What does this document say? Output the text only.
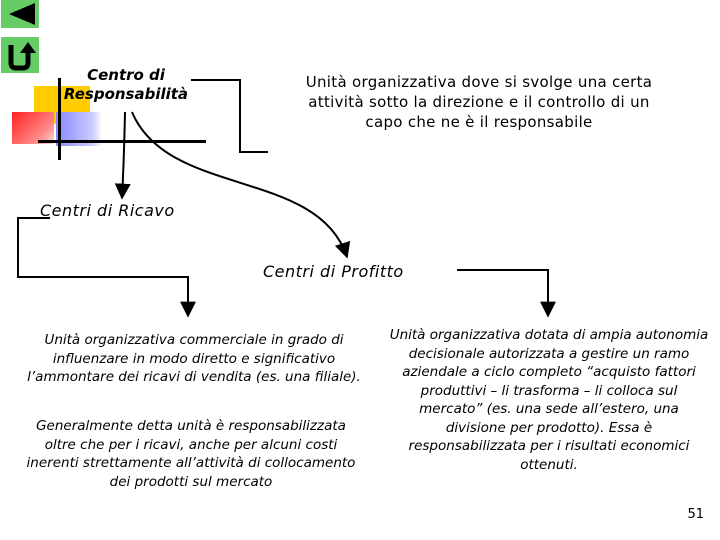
Centro di Responsabilità
Unità organizzativa dove si svolge una certa attività sotto la direzione e il controllo di un capo che ne è il responsabile
Centri di Ricavo
Centri di Profitto
Unità organizzativa commerciale in grado di influenzare in modo diretto e significativo l’ammontare dei ricavi di vendita (es. una filiale).
Generalmente detta unità è responsabilizzata oltre che per i ricavi, anche per alcuni costi inerenti strettamente all’attività di collocamento dei prodotti sul mercato
Unità organizzativa dotata di ampia autonomia decisionale autorizzata a gestire un ramo aziendale a ciclo completo “acquisto fattori produttivi – li trasforma – li colloca sul mercato” (es. una sede all’estero, una divisione per prodotto). Essa è responsabilizzata per i risultati economici ottenuti.
51
